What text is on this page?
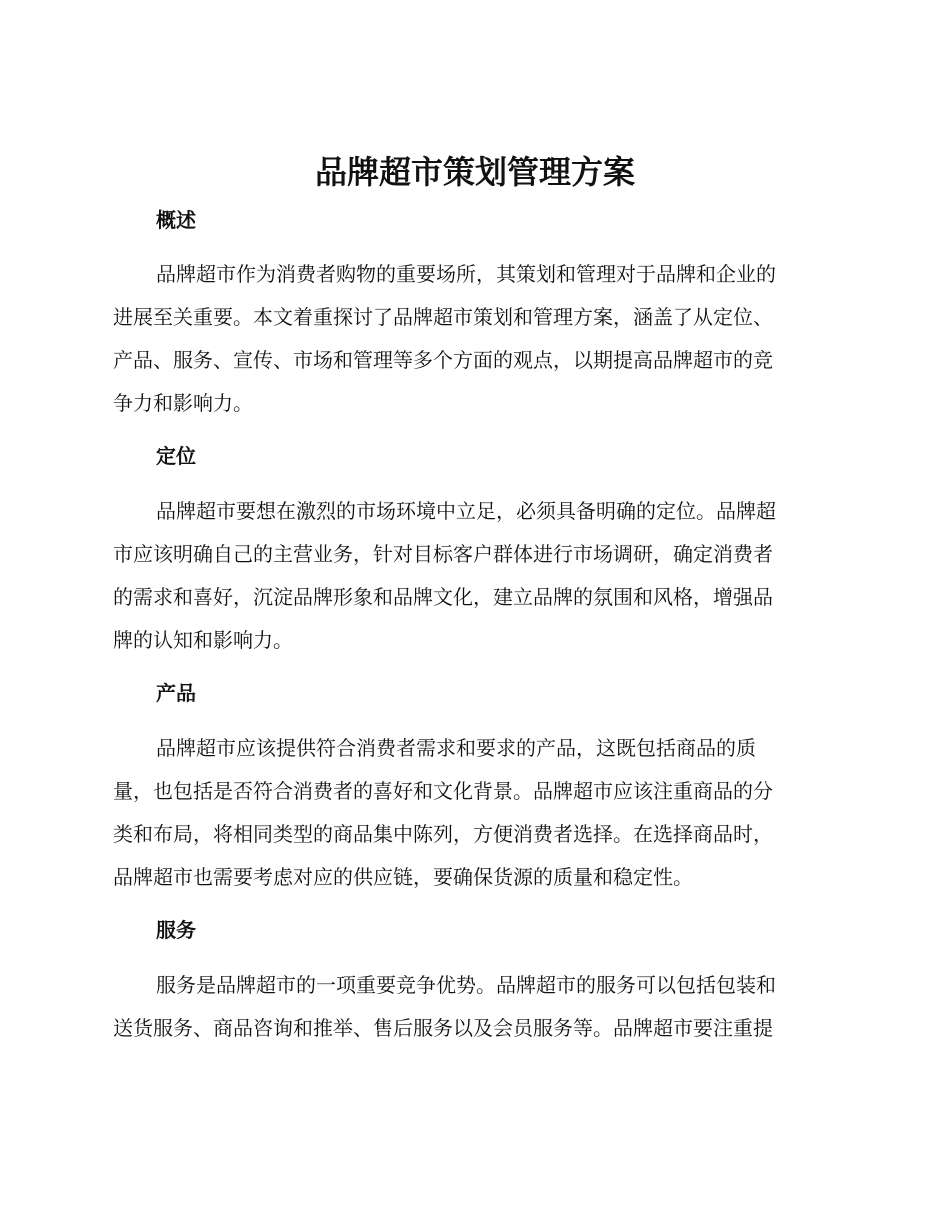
品牌超市策划管理方案
概述

品牌超市作为消费者购物的重要场所，其策划和管理对于品牌和企业的

进展至关重要。本文着重探讨了品牌超市策划和管理方案，涵盖了从定位、

产品、服务、宣传、市场和管理等多个方面的观点，以期提高品牌超市的竞

争力和影响力。

定位

品牌超市要想在激烈的市场环境中立足，必须具备明确的定位。品牌超

市应该明确自己的主营业务，针对目标客户群体进行市场调研，确定消费者

的需求和喜好，沉淀品牌形象和品牌文化，建立品牌的氛围和风格，增强品

牌的认知和影响力。

产品

品牌超市应该提供符合消费者需求和要求的产品，这既包括商品的质

量，也包括是否符合消费者的喜好和文化背景。品牌超市应该注重商品的分

类和布局，将相同类型的商品集中陈列，方便消费者选择。在选择商品时，

品牌超市也需要考虑对应的供应链，要确保货源的质量和稳定性。

服务

服务是品牌超市的一项重要竞争优势。品牌超市的服务可以包括包装和

送货服务、商品咨询和推举、售后服务以及会员服务等。品牌超市要注重提
